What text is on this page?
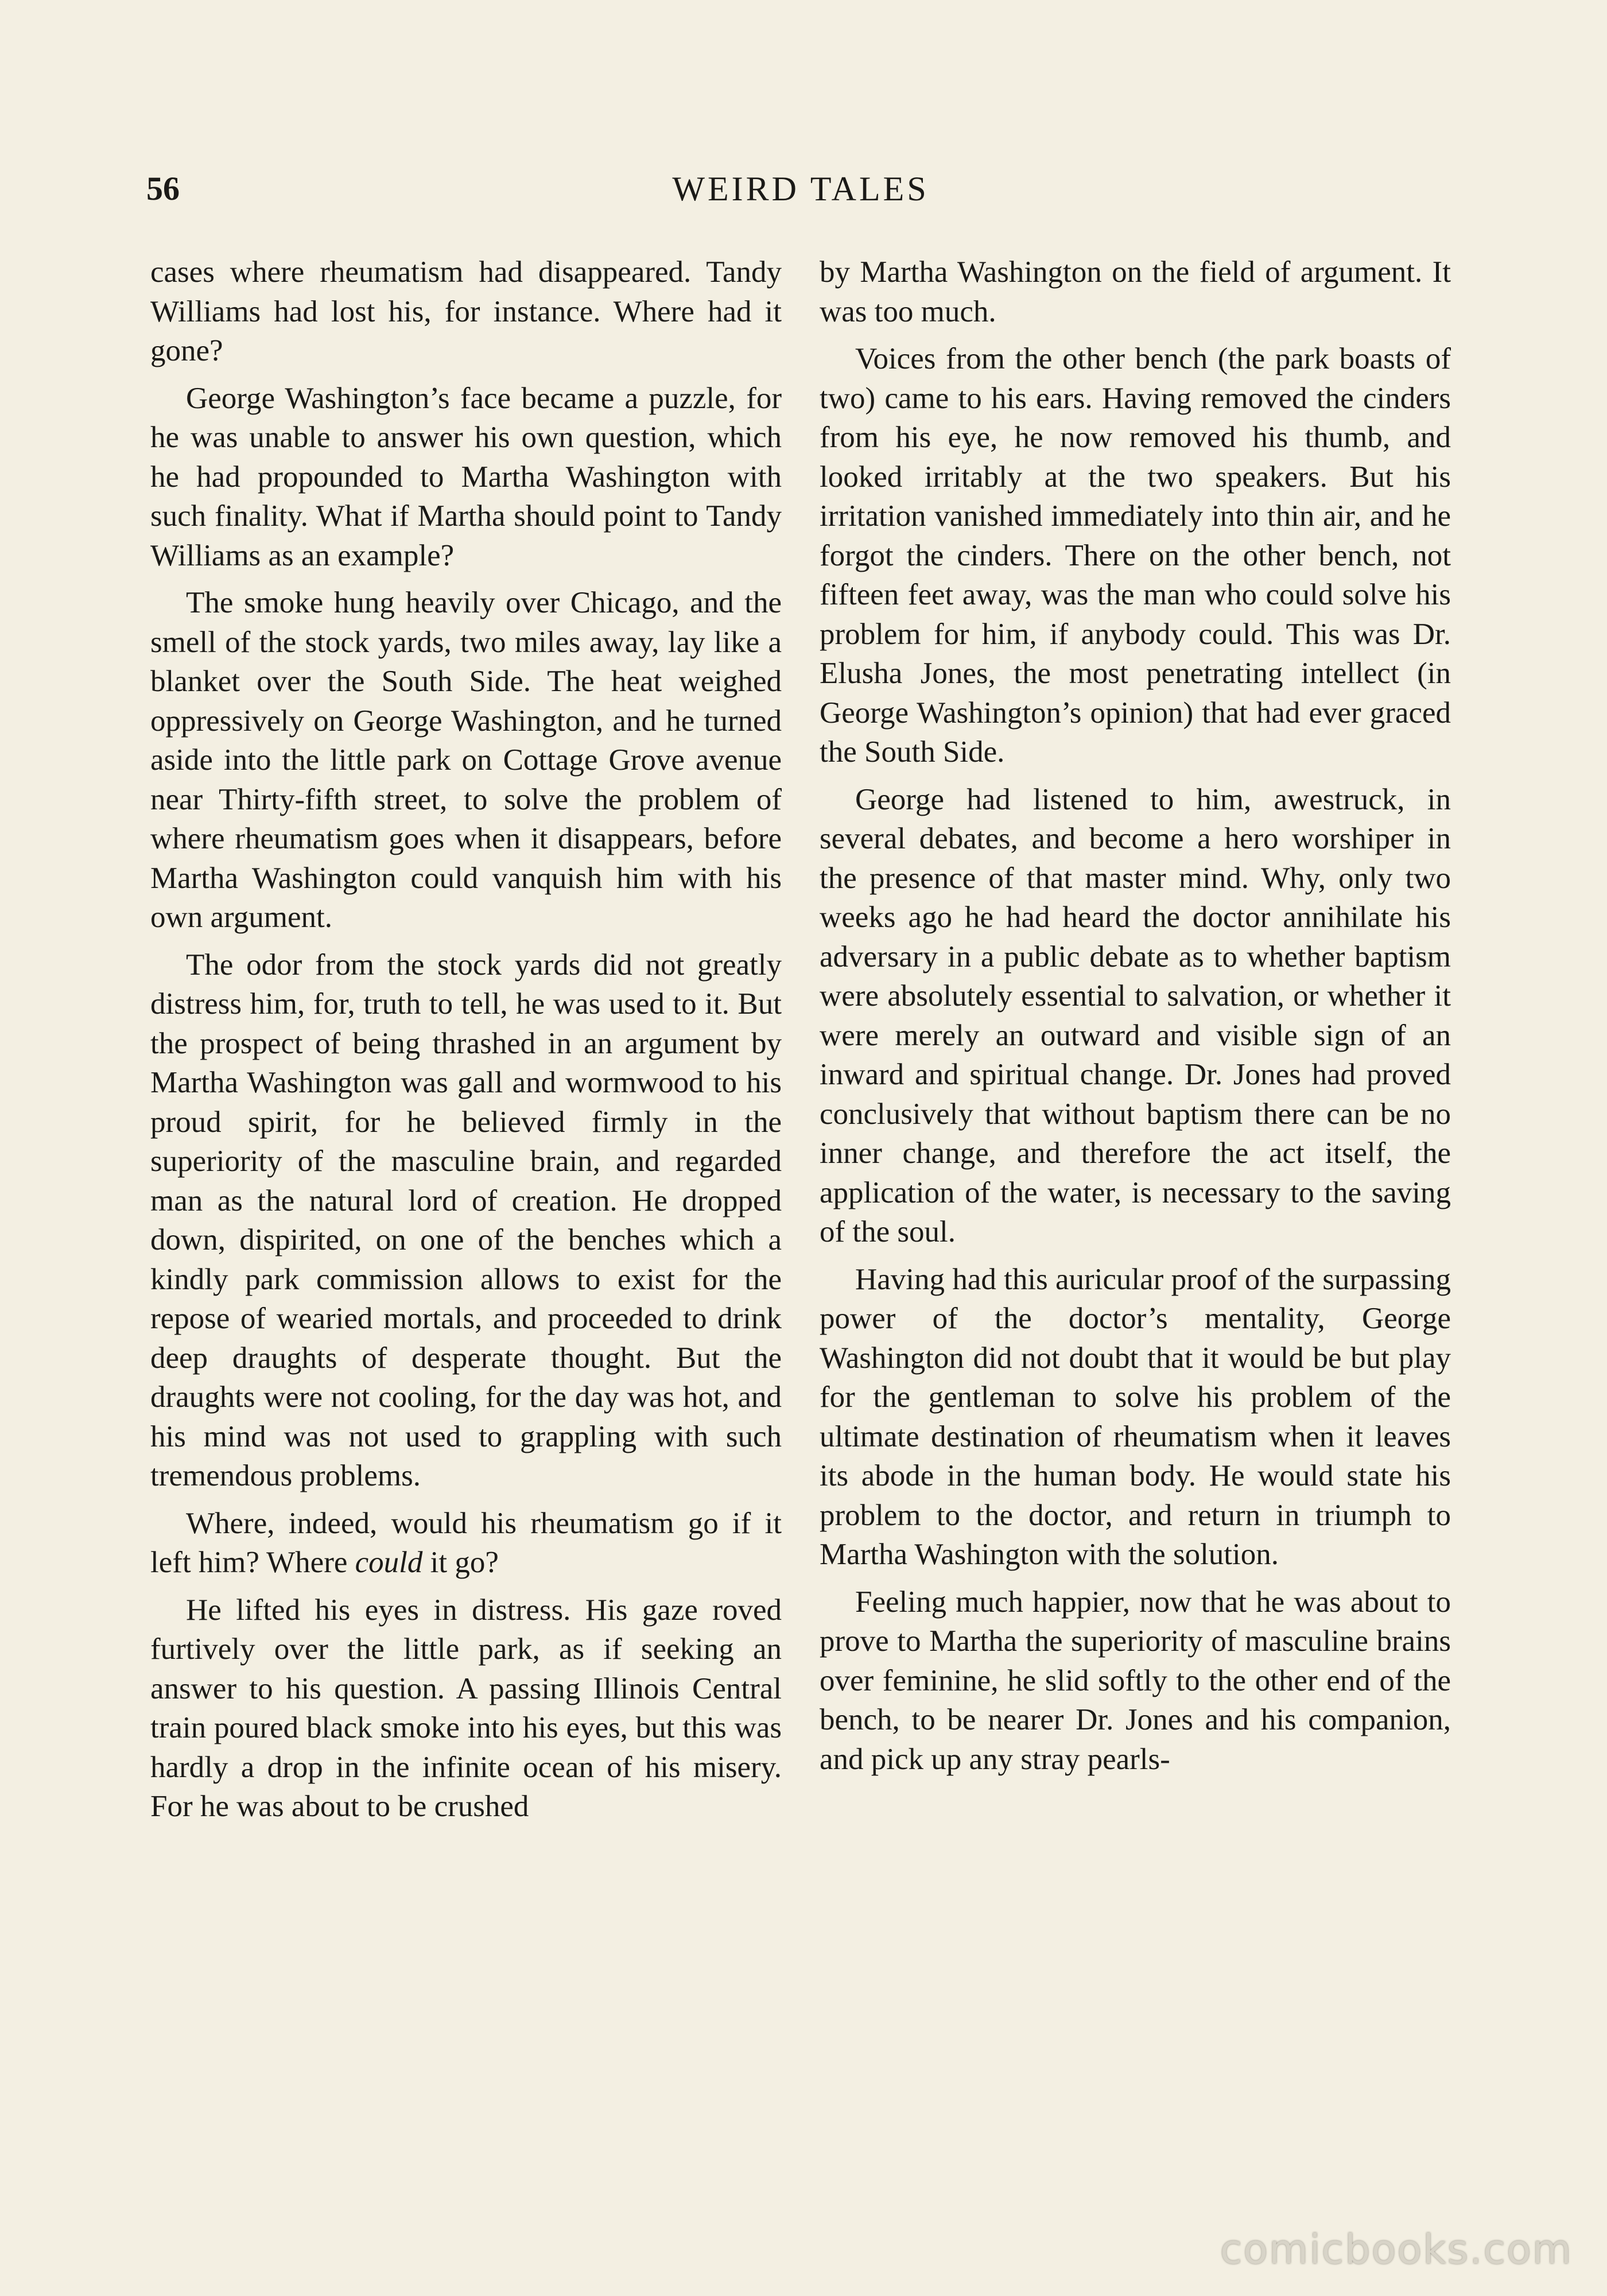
56	WEIRD TALES

cases where rheumatism had disappeared. Tandy Williams had lost his, for instance. Where had it gone?

George Washington’s face became a puzzle, for he was unable to answer his own question, which he had propounded to Martha Washington with such finality. What if Martha should point to Tandy Williams as an example?

The smoke hung heavily over Chicago, and the smell of the stock yards, two miles away, lay like a blanket over the South Side. The heat weighed oppressively on George Washington, and he turned aside into the little park on Cottage Grove avenue near Thirty-fifth street, to solve the problem of where rheumatism goes when it disappears, before Martha Washington could vanquish him with his own argument.

The odor from the stock yards did not greatly distress him, for, truth to tell, he was used to it. But the prospect of being thrashed in an argument by Martha Washington was gall and wormwood to his proud spirit, for he believed firmly in the superiority of the masculine brain, and regarded man as the natural lord of creation. He dropped down, dispirited, on one of the benches which a kindly park commission allows to exist for the repose of wearied mortals, and proceeded to drink deep draughts of desperate thought. But the draughts were not cooling, for the day was hot, and his mind was not used to grappling with such tremendous problems.

Where, indeed, would his rheumatism go if it left him? Where could it go?

He lifted his eyes in distress. His gaze roved furtively over the little park, as if seeking an answer to his question. A passing Illinois Central train poured black smoke into his eyes, but this was hardly a drop in the infinite ocean of his misery. For he was about to be crushed

by Martha Washington on the field of argument. It was too much.

Voices from the other bench (the park boasts of two) came to his ears. Having removed the cinders from his eye, he now removed his thumb, and looked irritably at the two speakers. But his irritation vanished immediately into thin air, and he forgot the cinders. There on the other bench, not fifteen feet away, was the man who could solve his problem for him, if anybody could. This was Dr. Elusha Jones, the most penetrating intellect (in George Washington’s opinion) that had ever graced the South Side.

George had listened to him, awestruck, in several debates, and become a hero worshiper in the presence of that master mind. Why, only two weeks ago he had heard the doctor annihilate his adversary in a public debate as to whether baptism were absolutely essential to salvation, or whether it were merely an outward and visible sign of an inward and spiritual change. Dr. Jones had proved conclusively that without baptism there can be no inner change, and therefore the act itself, the application of the water, is necessary to the saving of the soul.

Having had this auricular proof of the surpassing power of the doctor’s mentality, George Washington did not doubt that it would be but play for the gentleman to solve his problem of the ultimate destination of rheumatism when it leaves its abode in the human body. He would state his problem to the doctor, and return in triumph to Martha Washington with the solution.

Feeling much happier, now that he was about to prove to Martha the superiority of masculine brains over feminine, he slid softly to the other end of the bench, to be nearer Dr. Jones and his companion, and pick up any stray pearls-

comicbooks.com
